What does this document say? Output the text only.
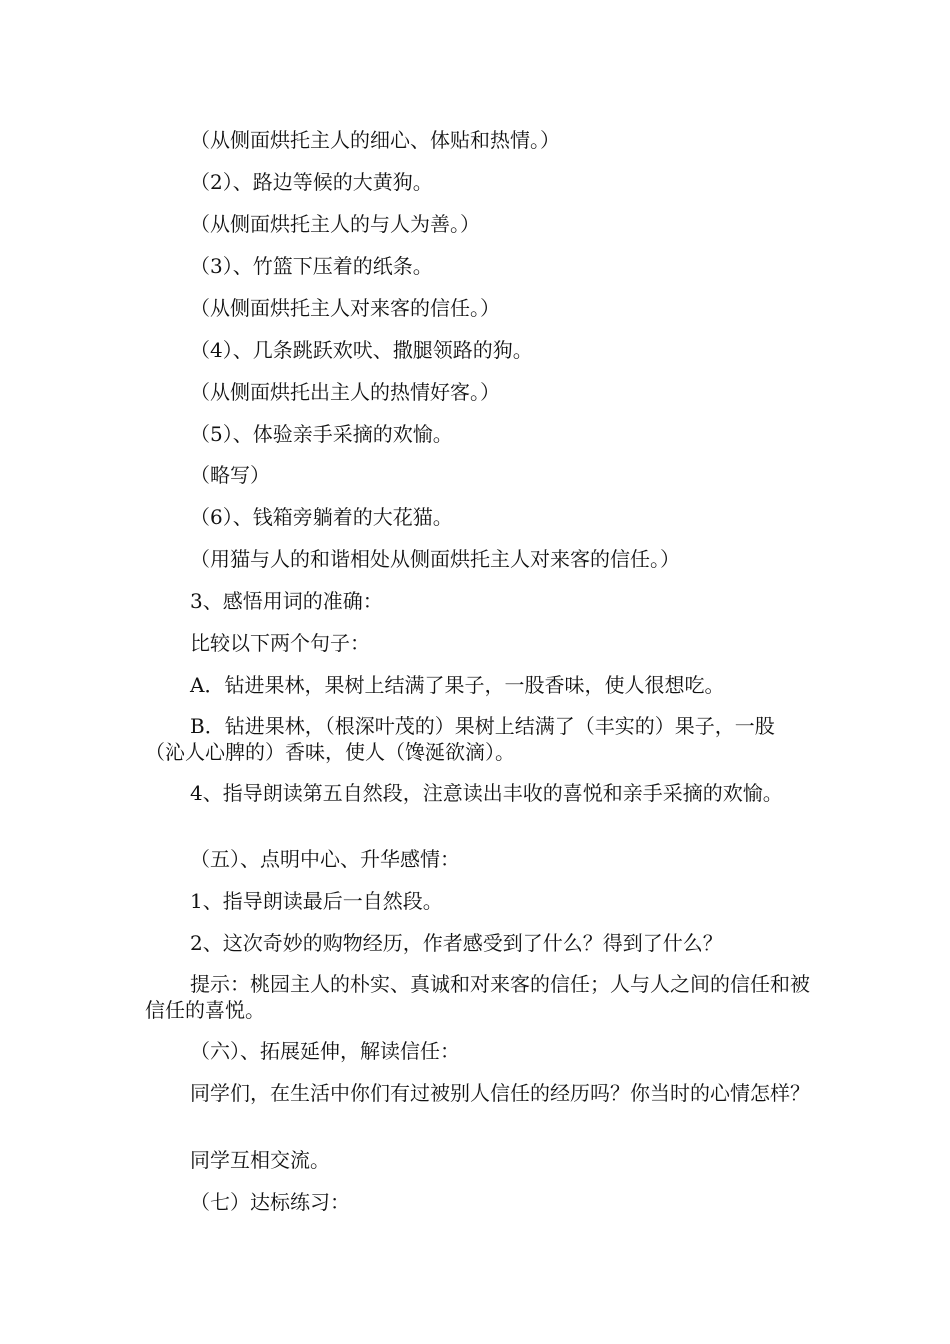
（从侧面烘托主人的细心、体贴和热情。）

（2）、路边等候的大黄狗。

（从侧面烘托主人的与人为善。）

（3）、竹篮下压着的纸条。

（从侧面烘托主人对来客的信任。）

（4）、几条跳跃欢吠、撒腿领路的狗。

（从侧面烘托出主人的热情好客。）

（5）、体验亲手采摘的欢愉。

（略写）

（6）、钱箱旁躺着的大花猫。

（用猫与人的和谐相处从侧面烘托主人对来客的信任。）

3、感悟用词的准确：

比较以下两个句子：

A．钻进果林，果树上结满了果子，一股香味，使人很想吃。

B．钻进果林，（根深叶茂的）果树上结满了（丰实的）果子，一股（沁人心脾的）香味，使人（馋涎欲滴）。

4、指导朗读第五自然段，注意读出丰收的喜悦和亲手采摘的欢愉。

（五）、点明中心、升华感情：

1、指导朗读最后一自然段。

2、这次奇妙的购物经历，作者感受到了什么？得到了什么？

提示：桃园主人的朴实、真诚和对来客的信任；人与人之间的信任和被信任的喜悦。

（六）、拓展延伸，解读信任：

同学们，在生活中你们有过被别人信任的经历吗？你当时的心情怎样？

同学互相交流。

（七）达标练习：
